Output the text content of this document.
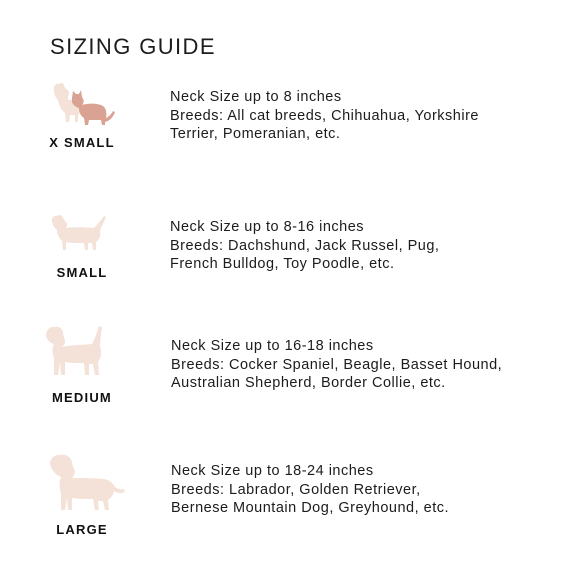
SIZING GUIDE
X SMALL
Neck Size up to 8 inches
Breeds: All cat breeds, Chihuahua, Yorkshire
Terrier, Pomeranian, etc.
SMALL
Neck Size up to 8-16 inches
Breeds: Dachshund, Jack Russel, Pug,
French Bulldog, Toy Poodle, etc.
MEDIUM
Neck Size up to 16-18 inches
Breeds: Cocker Spaniel, Beagle, Basset Hound,
Australian Shepherd, Border Collie, etc.
LARGE
Neck Size up to 18-24 inches
Breeds: Labrador, Golden Retriever,
Bernese Mountain Dog, Greyhound, etc.
